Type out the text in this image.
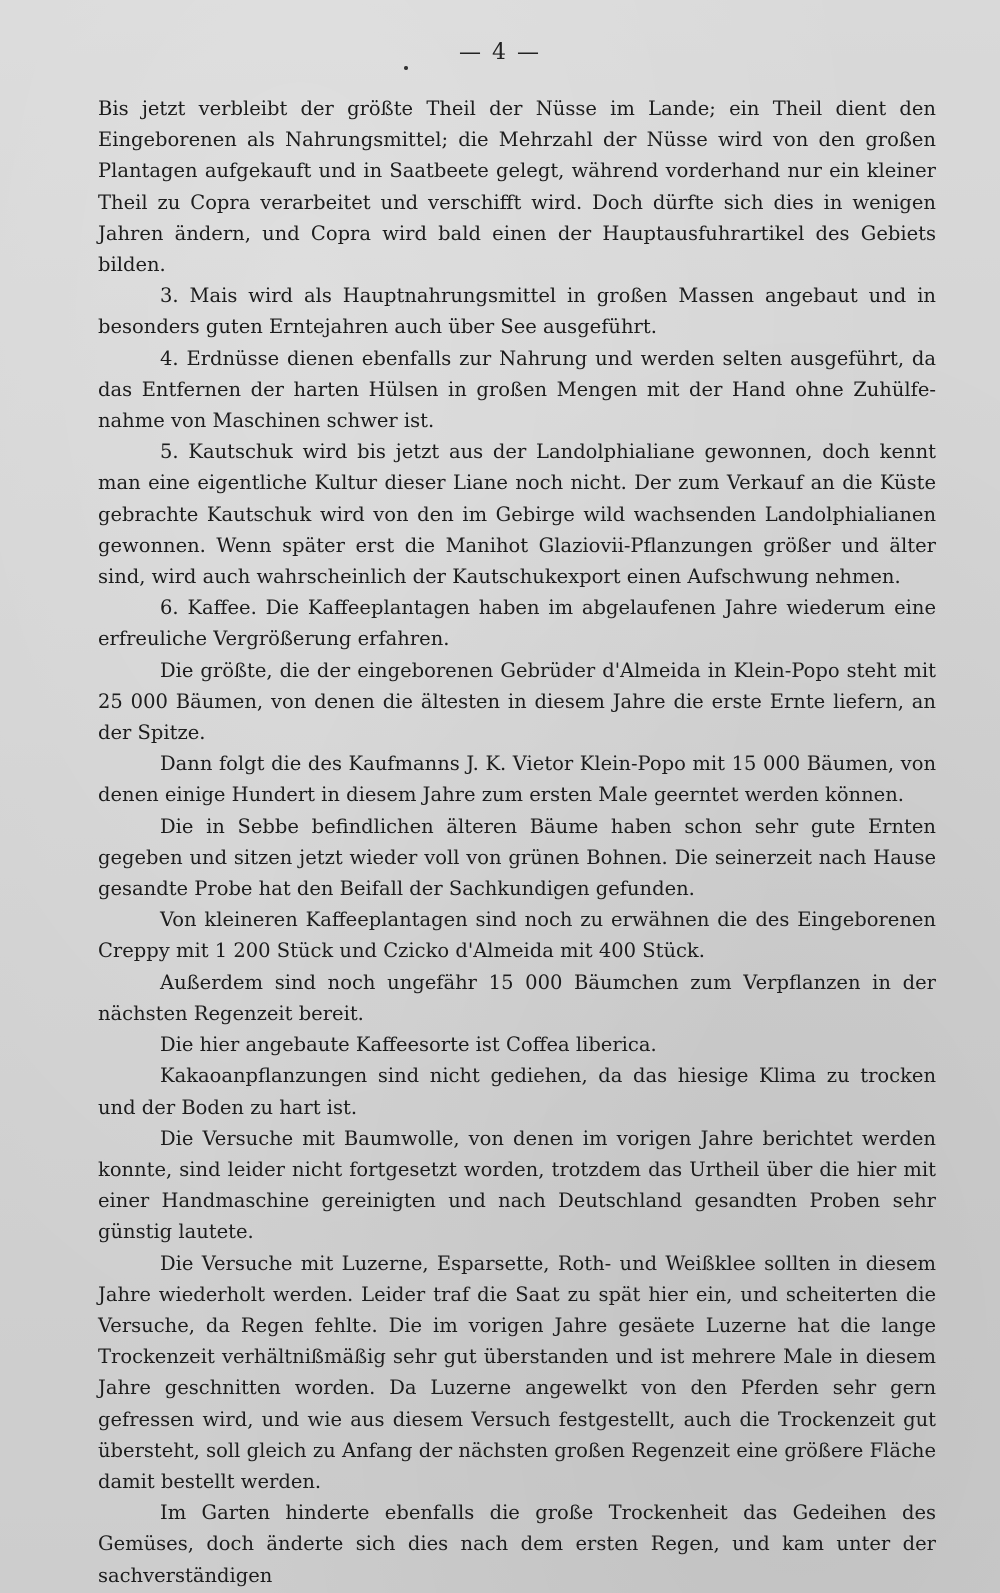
— 4 —

Bis jetzt verbleibt der größte Theil der Nüsse im Lande; ein Theil dient den Eingeborenen als Nahrungsmittel; die Mehrzahl der Nüsse wird von den großen Plantagen aufgekauft und in Saatbeete gelegt, während vorderhand nur ein kleiner Theil zu Copra verarbeitet und verschifft wird. Doch dürfte sich dies in wenigen Jahren ändern, und Copra wird bald einen der Hauptausfuhrartikel des Gebiets bilden.

3. Mais wird als Hauptnahrungsmittel in großen Massen angebaut und in besonders guten Erntejahren auch über See ausgeführt.

4. Erdnüsse dienen ebenfalls zur Nahrung und werden selten ausgeführt, da das Entfernen der harten Hülsen in großen Mengen mit der Hand ohne Zuhülfe-nahme von Maschinen schwer ist.

5. Kautschuk wird bis jetzt aus der Landolphialiane gewonnen, doch kennt man eine eigentliche Kultur dieser Liane noch nicht. Der zum Verkauf an die Küste gebrachte Kautschuk wird von den im Gebirge wild wachsenden Landolphialianen gewonnen. Wenn später erst die Manihot Glaziovii-Pflanzungen größer und älter sind, wird auch wahrscheinlich der Kautschukexport einen Aufschwung nehmen.

6. Kaffee. Die Kaffeeplantagen haben im abgelaufenen Jahre wiederum eine erfreuliche Vergrößerung erfahren.

Die größte, die der eingeborenen Gebrüder d'Almeida in Klein-Popo steht mit 25 000 Bäumen, von denen die ältesten in diesem Jahre die erste Ernte liefern, an der Spitze.

Dann folgt die des Kaufmanns J. K. Vietor Klein-Popo mit 15 000 Bäumen, von denen einige Hundert in diesem Jahre zum ersten Male geerntet werden können.

Die in Sebbe befindlichen älteren Bäume haben schon sehr gute Ernten gegeben und sitzen jetzt wieder voll von grünen Bohnen. Die seinerzeit nach Hause gesandte Probe hat den Beifall der Sachkundigen gefunden.

Von kleineren Kaffeeplantagen sind noch zu erwähnen die des Eingeborenen Creppy mit 1 200 Stück und Czicko d'Almeida mit 400 Stück.

Außerdem sind noch ungefähr 15 000 Bäumchen zum Verpflanzen in der nächsten Regenzeit bereit.

Die hier angebaute Kaffeesorte ist Coffea liberica.

Kakaoanpflanzungen sind nicht gediehen, da das hiesige Klima zu trocken und der Boden zu hart ist.

Die Versuche mit Baumwolle, von denen im vorigen Jahre berichtet werden konnte, sind leider nicht fortgesetzt worden, trotzdem das Urtheil über die hier mit einer Handmaschine gereinigten und nach Deutschland gesandten Proben sehr günstig lautete.

Die Versuche mit Luzerne, Esparsette, Roth- und Weißklee sollten in diesem Jahre wiederholt werden. Leider traf die Saat zu spät hier ein, und scheiterten die Versuche, da Regen fehlte. Die im vorigen Jahre gesäete Luzerne hat die lange Trockenzeit verhältnißmäßig sehr gut überstanden und ist mehrere Male in diesem Jahre geschnitten worden. Da Luzerne angewelkt von den Pferden sehr gern gefressen wird, und wie aus diesem Versuch festgestellt, auch die Trockenzeit gut übersteht, soll gleich zu Anfang der nächsten großen Regenzeit eine größere Fläche damit bestellt werden.

Im Garten hinderte ebenfalls die große Trockenheit das Gedeihen des Gemüses, doch änderte sich dies nach dem ersten Regen, und kam unter der sachverständigen
